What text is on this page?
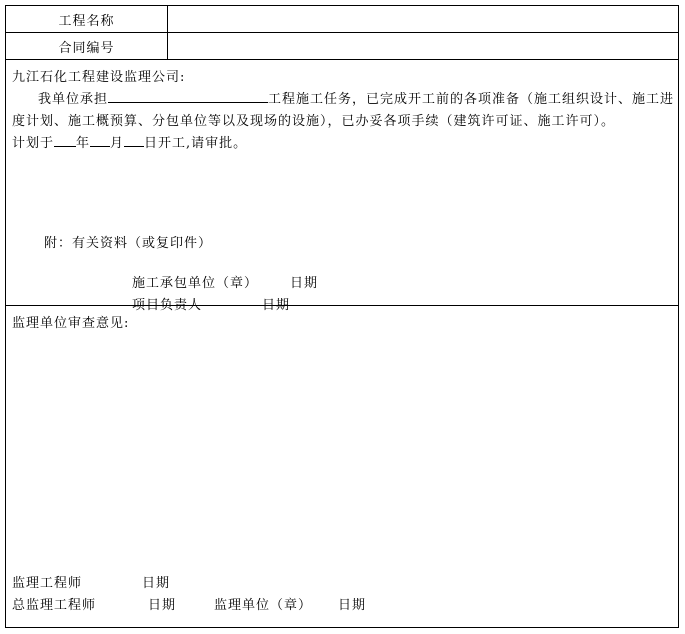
工程名称
合同编号
九江石化工程建设监理公司:
我单位承担	工程施工任务，已完成开工前的各项准备（施工组织设计、施工进
度计划、施工概预算、分包单位等以及现场的设施），已办妥各项手续（建筑许可证、施工许可）。
计划于 年 月 日开工,请审批。
附：有关资料（或复印件）
施工承包单位（章） 日期
项目负责人	日期
监理单位审查意见:
监理工程师	日期
总监理工程师	日期	监理单位（章） 日期
